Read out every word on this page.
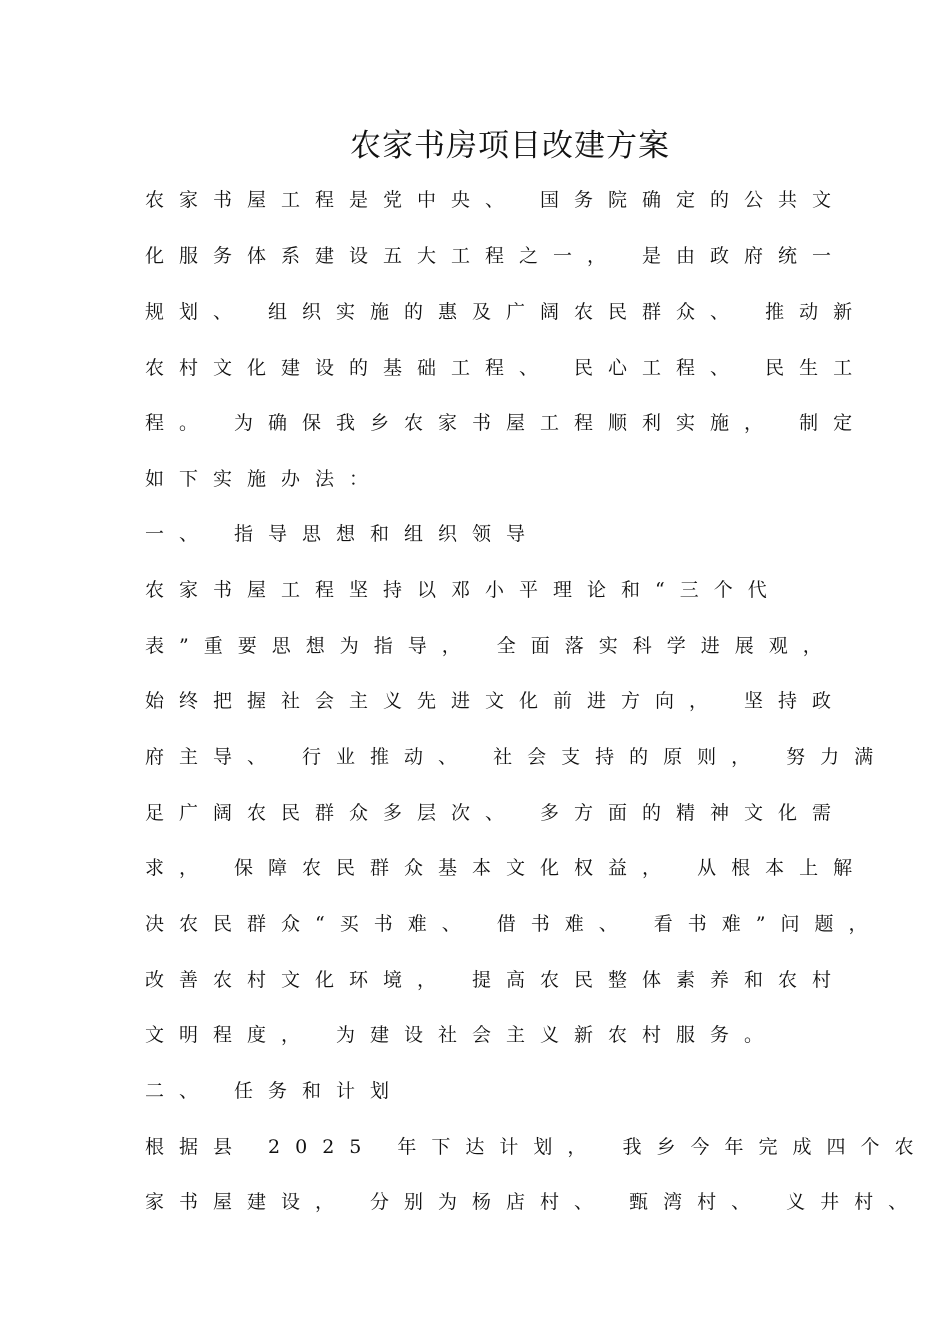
农家书房项目改建方案
农家书屋工程是党中央、 国务院确定的公共文
化服务体系建设五大工程之一， 是由政府统一
规划、 组织实施的惠及广阔农民群众、 推动新
农村文化建设的基础工程、 民心工程、 民生工
程。 为确保我乡农家书屋工程顺利实施， 制定
如下实施办法：
一、 指导思想和组织领导
农家书屋工程坚持以邓小平理论和“三个代
表”重要思想为指导， 全面落实科学进展观，
始终把握社会主义先进文化前进方向， 坚持政
府主导、 行业推动、 社会支持的原则， 努力满
足广阔农民群众多层次、 多方面的精神文化需
求， 保障农民群众基本文化权益， 从根本上解
决农民群众“买书难、 借书难、 看书难”问题，
改善农村文化环境， 提高农民整体素养和农村
文明程度， 为建设社会主义新农村服务。
二、 任务和计划
根据县 2025 年下达计划， 我乡今年完成四个农
家书屋建设， 分别为杨店村、 甄湾村、 义井村、
